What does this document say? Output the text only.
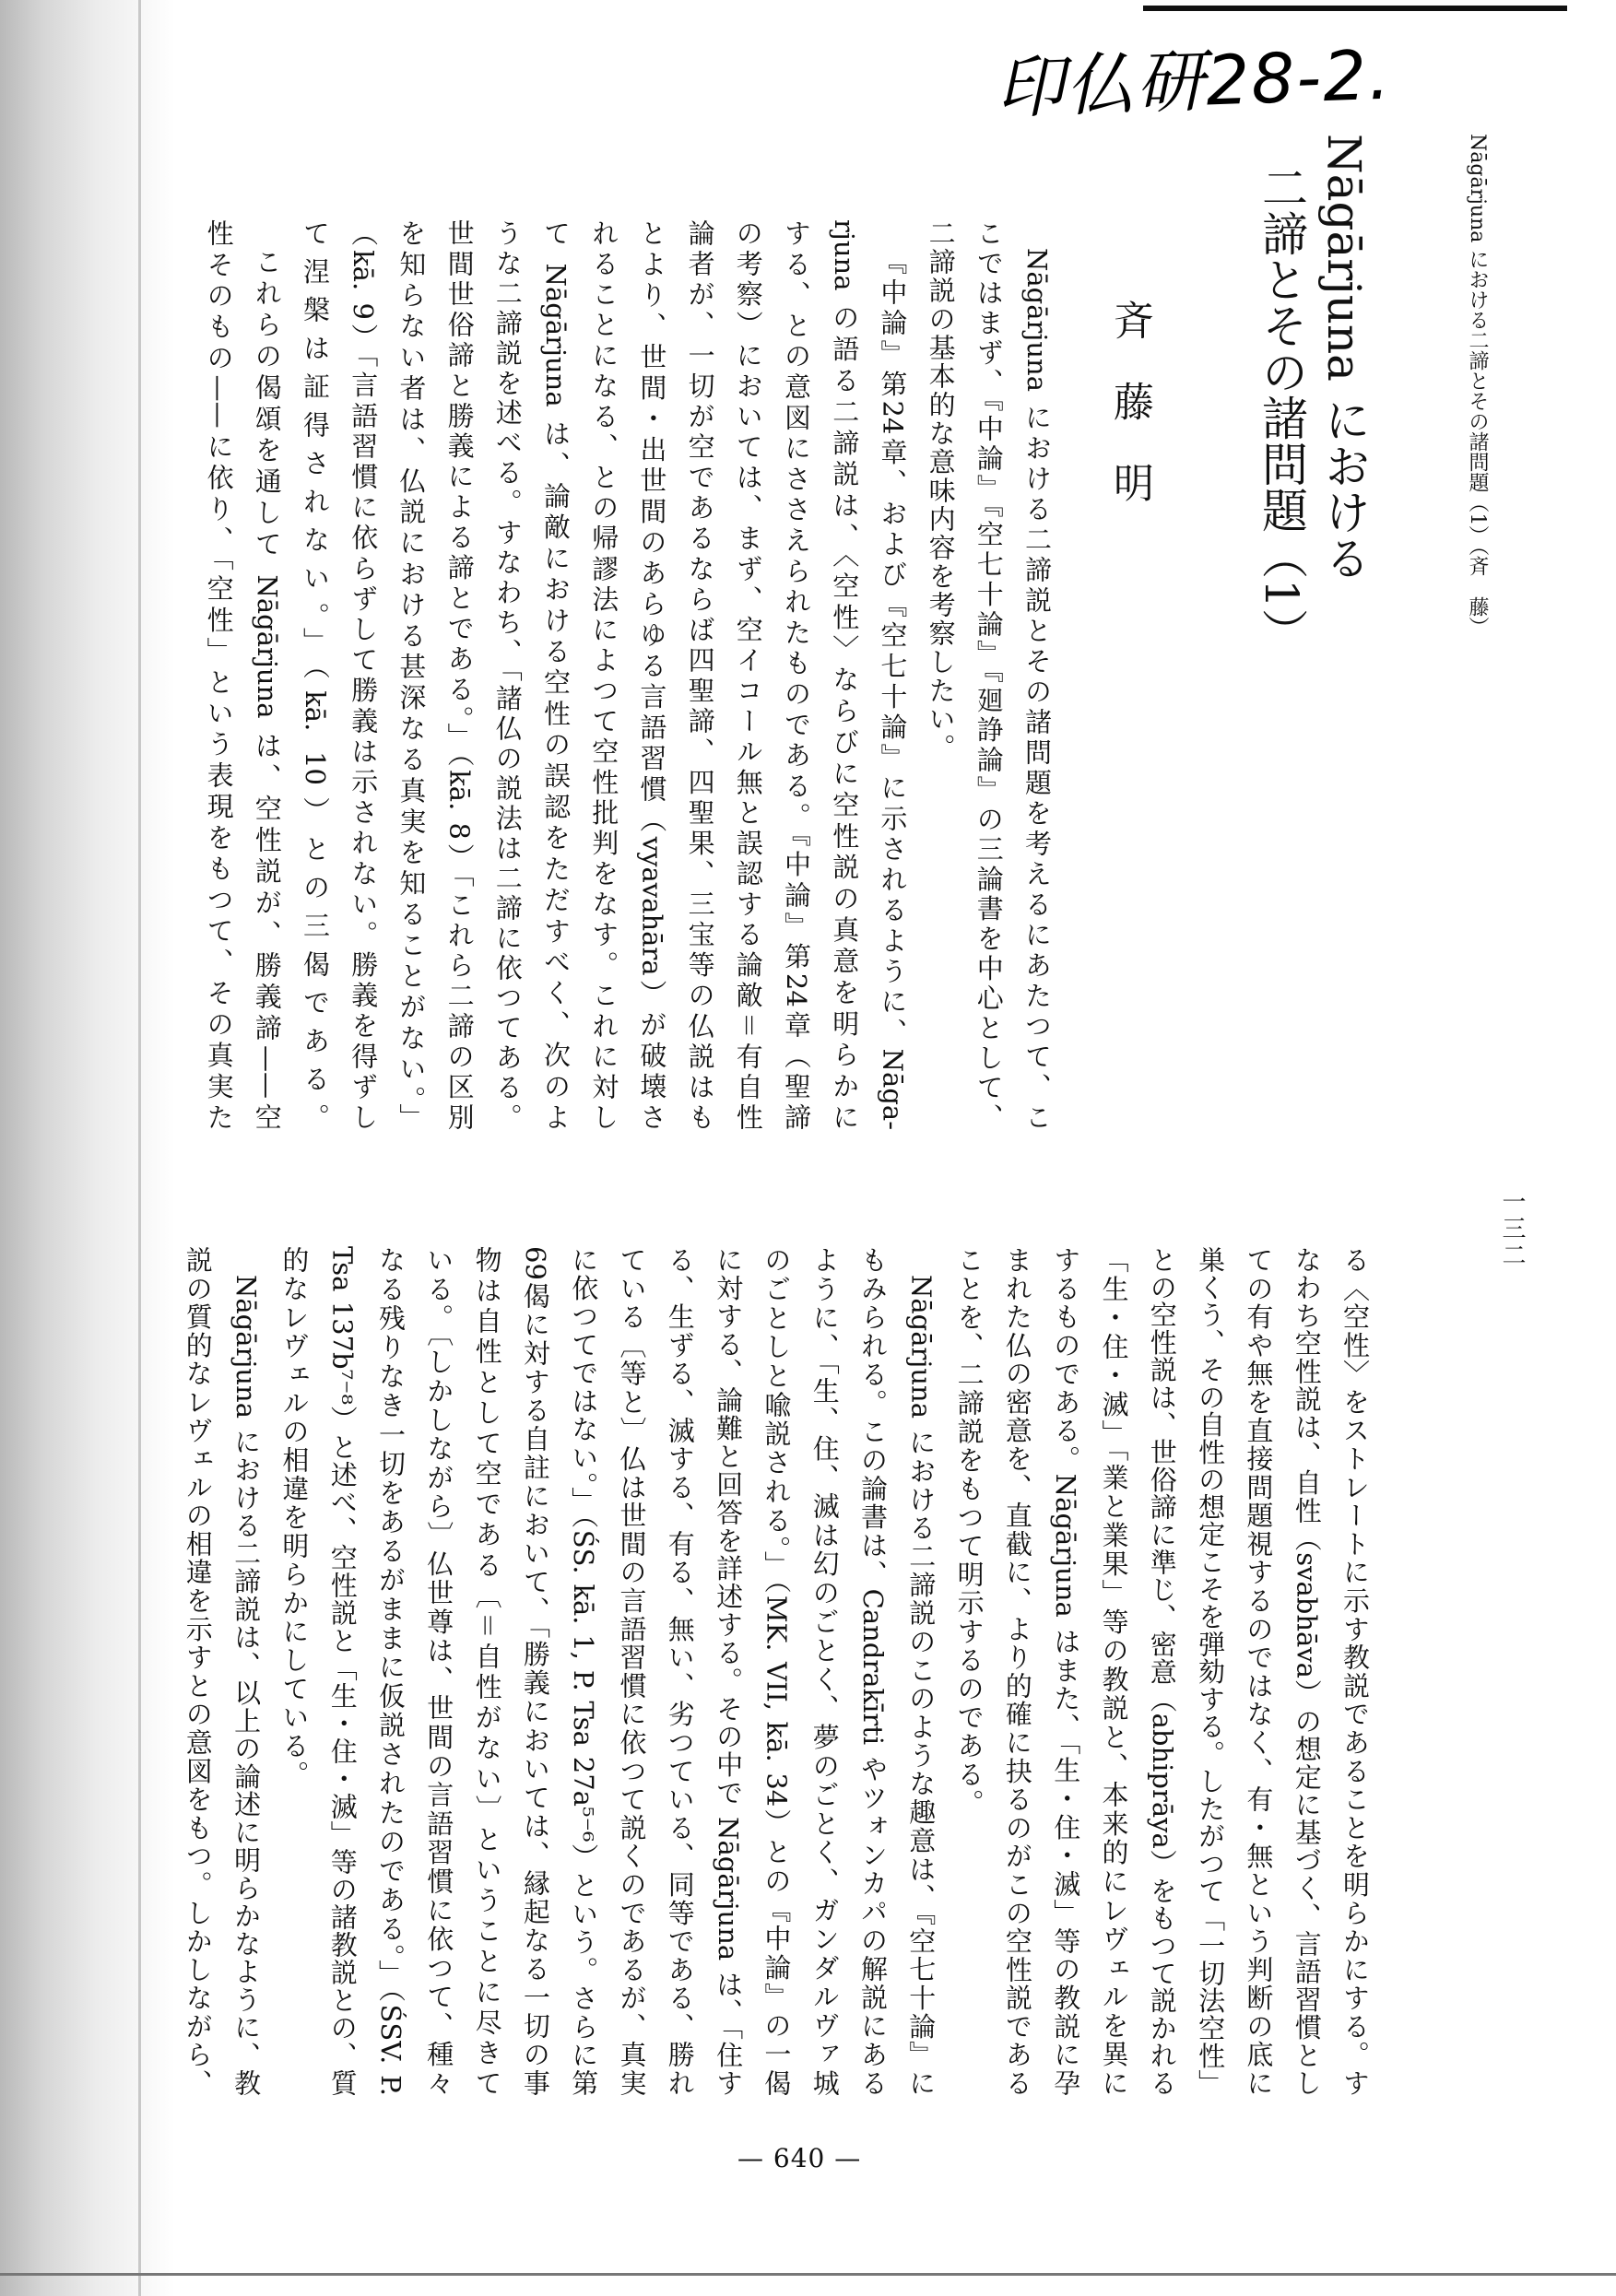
印仏研28-2.
Nāgārjuna における二諦とその諸問題（1）（斉　藤）
Nāgārjuna における
二諦とその諸問題（1）
斉藤明
Nāgārjuna における二諦説とその諸問題を考えるにあたつて、こ
こではまず、『中論』『空七十論』『廻諍論』の三論書を中心として、
二諦説の基本的な意味内容を考察したい。
『中論』第24章、および『空七十論』に示されるように、Nāga-
rjuna の語る二諦説は、〈空性〉ならびに空性説の真意を明らかに
する、との意図にささえられたものである。『中論』第24章（聖諦
の考察）においては、まず、空イコール無と誤認する論敵＝有自性
論者が、一切が空であるならば四聖諦、四聖果、三宝等の仏説はも
とより、世間・出世間のあらゆる言語習慣（vyavahāra）が破壊さ
れることになる、との帰謬法によつて空性批判をなす。これに対し
て Nāgārjuna は、論敵における空性の誤認をただすべく、次のよ
うな二諦説を述べる。すなわち、「諸仏の説法は二諦に依つてある。
世間世俗諦と勝義による諦とである。」（kā. 8）「これら二諦の区別
を知らない者は、仏説における甚深なる真実を知ることがない。」
（kā. 9）「言語習慣に依らずして勝義は示されない。勝義を得ずし
て涅槃は証得されない。」（kā. 10）との三偈である。
これらの偈頌を通して Nāgārjuna は、空性説が、勝義諦——空
性そのもの——に依り、「空性」という表現をもつて、その真実た
一三二
る〈空性〉をストレートに示す教説であることを明らかにする。す
なわち空性説は、自性（svabhāva）の想定に基づく、言語習慣とし
ての有や無を直接問題視するのではなく、有・無という判断の底に
巣くう、その自性の想定こそを弾劾する。したがつて「一切法空性」
との空性説は、世俗諦に準じ、密意（abhiprāya）をもつて説かれる
「生・住・滅」「業と業果」等の教説と、本来的にレヴェルを異に
するものである。Nāgārjuna はまた、「生・住・滅」等の教説に孕
まれた仏の密意を、直截に、より的確に抉るのがこの空性説である
ことを、二諦説をもつて明示するのである。
Nāgārjuna における二諦説のこのような趣意は、『空七十論』に
もみられる。この論書は、Candrakīrti やツォンカパの解説にある
ように、「生、住、滅は幻のごとく、夢のごとく、ガンダルヴァ城
のごとしと喩説される。」（MK. VII, kā. 34）との『中論』の一偈
に対する、論難と回答を詳述する。その中で Nāgārjuna は、「住す
る、生ずる、滅する、有る、無い、劣つている、同等である、勝れ
ている〔等と〕仏は世間の言語習慣に依つて説くのであるが、真実
に依つてではない。」（ŚS. kā. 1, P. Tsa 27a⁵⁻⁶）という。さらに第
69偈に対する自註において、「勝義においては、縁起なる一切の事
物は自性として空である〔＝自性がない〕ということに尽きて
いる。〔しかしながら〕仏世尊は、世間の言語習慣に依つて、種々
なる残りなき一切をあるがままに仮説されたのである。」（ŚSV. P.
Tsa 137b⁷⁻⁸）と述べ、空性説と「生・住・滅」等の諸教説との、質
的なレヴェルの相違を明らかにしている。
Nāgārjuna における二諦説は、以上の論述に明らかなように、教
説の質的なレヴェルの相違を示すとの意図をもつ。しかしながら、
— 640 —
